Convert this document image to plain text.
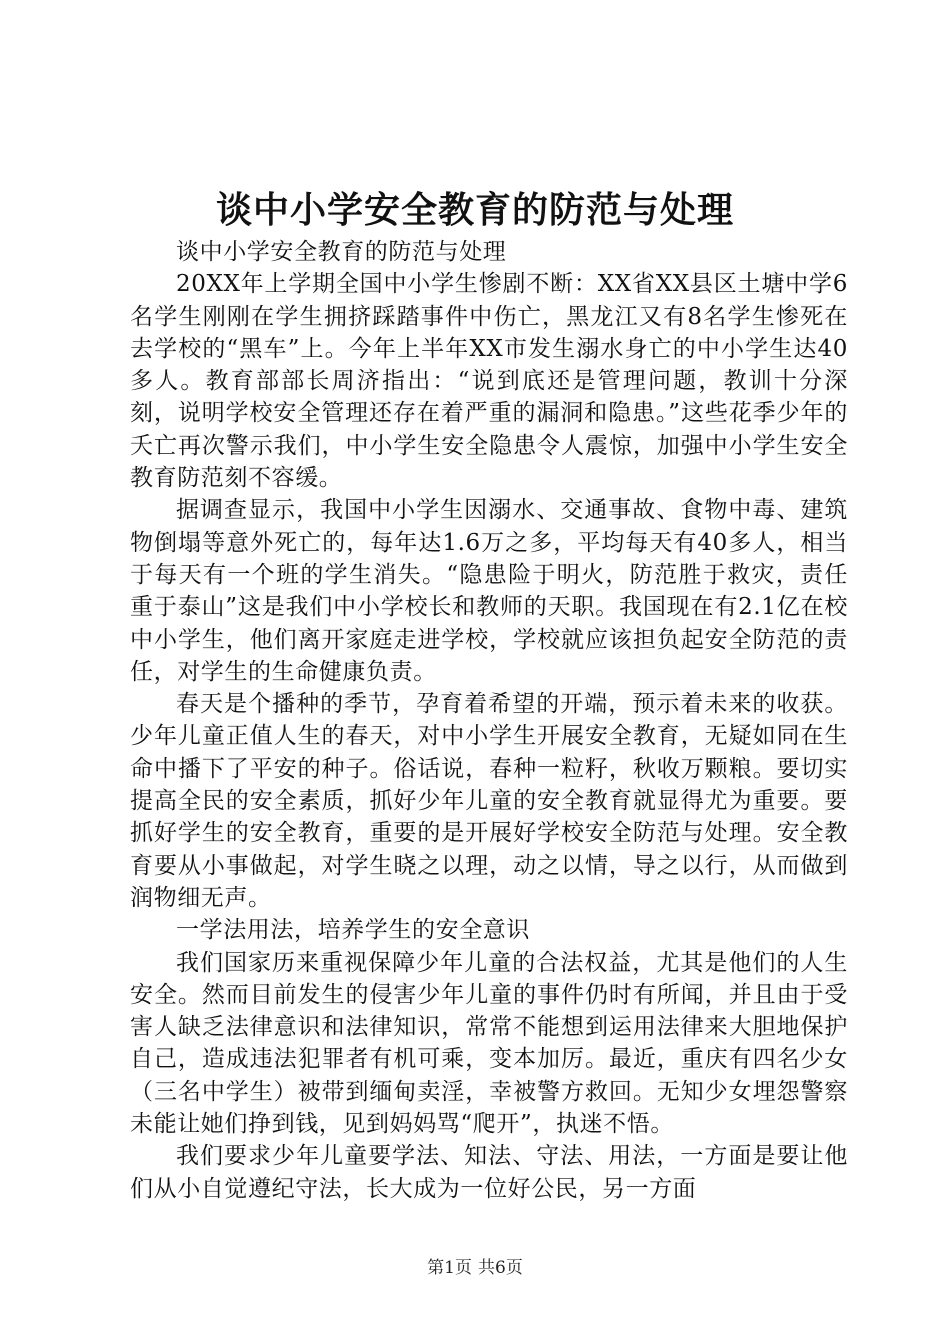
谈中小学安全教育的防范与处理

谈中小学安全教育的防范与处理

20XX年上学期全国中小学生惨剧不断：XX省XX县区土塘中学6名学生刚刚在学生拥挤踩踏事件中伤亡，黑龙江又有8名学生惨死在去学校的“黑车”上。今年上半年XX市发生溺水身亡的中小学生达40多人。教育部部长周济指出：“说到底还是管理问题，教训十分深刻，说明学校安全管理还存在着严重的漏洞和隐患。”这些花季少年的夭亡再次警示我们，中小学生安全隐患令人震惊，加强中小学生安全教育防范刻不容缓。

据调查显示，我国中小学生因溺水、交通事故、食物中毒、建筑物倒塌等意外死亡的，每年达1.6万之多，平均每天有40多人，相当于每天有一个班的学生消失。“隐患险于明火，防范胜于救灾，责任重于泰山”这是我们中小学校长和教师的天职。我国现在有2.1亿在校中小学生，他们离开家庭走进学校，学校就应该担负起安全防范的责任，对学生的生命健康负责。

春天是个播种的季节，孕育着希望的开端，预示着未来的收获。少年儿童正值人生的春天，对中小学生开展安全教育，无疑如同在生命中播下了平安的种子。俗话说，春种一粒籽，秋收万颗粮。要切实提高全民的安全素质，抓好少年儿童的安全教育就显得尤为重要。要抓好学生的安全教育，重要的是开展好学校安全防范与处理。安全教育要从小事做起，对学生晓之以理，动之以情，导之以行，从而做到润物细无声。

一学法用法，培养学生的安全意识

我们国家历来重视保障少年儿童的合法权益，尤其是他们的人生安全。然而目前发生的侵害少年儿童的事件仍时有所闻，并且由于受害人缺乏法律意识和法律知识，常常不能想到运用法律来大胆地保护自己，造成违法犯罪者有机可乘，变本加厉。最近，重庆有四名少女（三名中学生）被带到缅甸卖淫，幸被警方救回。无知少女埋怨警察未能让她们挣到钱，见到妈妈骂“爬开”，执迷不悟。

我们要求少年儿童要学法、知法、守法、用法，一方面是要让他们从小自觉遵纪守法，长大成为一位好公民，另一方面

第1页 共6页
